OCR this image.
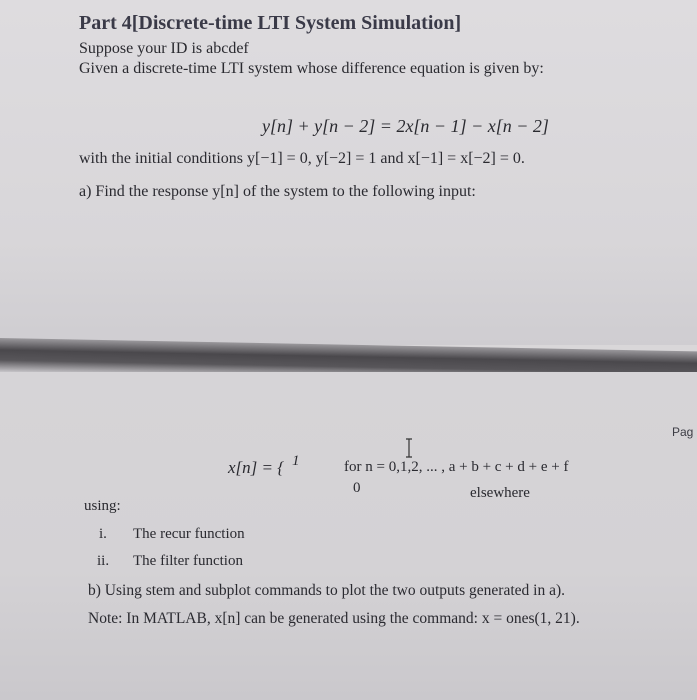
Part 4[Discrete-time LTI System Simulation]
Suppose your ID is abcdef
Given a discrete-time LTI system whose difference equation is given by:
y[n] + y[n − 2] = 2x[n − 1] − x[n − 2]
with the initial conditions y[−1] = 0, y[−2] = 1 and x[−1] = x[−2] = 0.
a) Find the response y[n] of the system to the following input:
Pag
x[n] = { 1	for n = 0,1,2, ... , a + b + c + d + e + f
0	elsewhere
using:
i. The recur function
ii. The filter function
b) Using stem and subplot commands to plot the two outputs generated in a).
Note: In MATLAB, x[n] can be generated using the command: x = ones(1, 21).
